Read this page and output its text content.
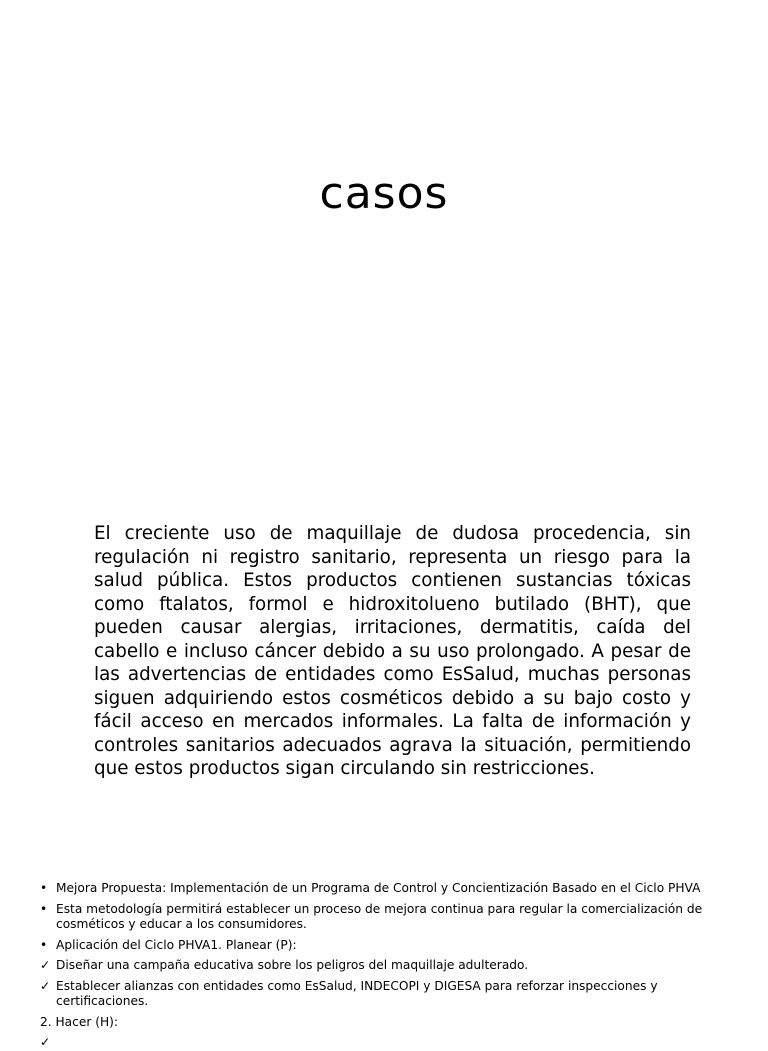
casos

El creciente uso de maquillaje de dudosa procedencia, sin regulación ni registro sanitario, representa un riesgo para la salud pública. Estos productos contienen sustancias tóxicas como ftalatos, formol e hidroxitolueno butilado (BHT), que pueden causar alergias, irritaciones, dermatitis, caída del cabello e incluso cáncer debido a su uso prolongado. A pesar de las advertencias de entidades como EsSalud, muchas personas siguen adquiriendo estos cosméticos debido a su bajo costo y fácil acceso en mercados informales. La falta de información y controles sanitarios adecuados agrava la situación, permitiendo que estos productos sigan circulando sin restricciones.

• Mejora Propuesta: Implementación de un Programa de Control y Concientización Basado en el Ciclo PHVA
• Esta metodología permitirá establecer un proceso de mejora continua para regular la comercialización de cosméticos y educar a los consumidores.
• Aplicación del Ciclo PHVA1. Planear (P):
✓ Diseñar una campaña educativa sobre los peligros del maquillaje adulterado.
✓ Establecer alianzas con entidades como EsSalud, INDECOPI y DIGESA para reforzar inspecciones y certificaciones.
2. Hacer (H):
✓
